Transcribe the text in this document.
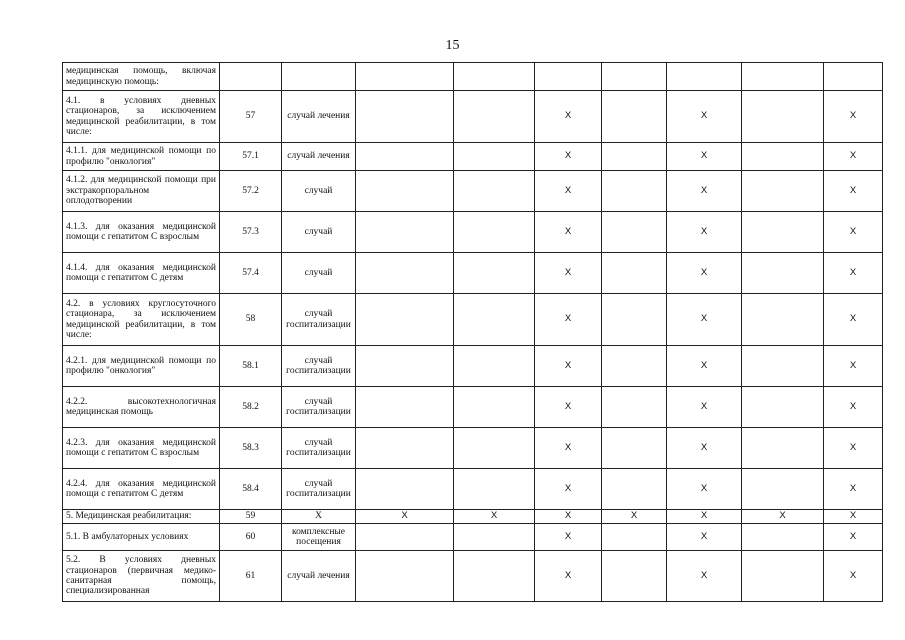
15
медицинская помощь, включая медицинскую помощь:										
4.1. в условиях дневных стационаров, за исключением медицинской реабилитации, в том числе:	57	случай лечения			X		X		X	
4.1.1. для медицинской помощи по профилю "онкология"	57.1	случай лечения			X		X		X	
4.1.2. для медицинской помощи при экстракорпоральном оплодотворении	57.2	случай			X		X		X	
4.1.3. для оказания медицинской помощи с гепатитом С взрослым	57.3	случай			X		X		X	
4.1.4. для оказания медицинской помощи с гепатитом С детям	57.4	случай			X		X		X	
4.2. в условиях круглосуточного стационара, за исключением медицинской реабилитации, в том числе:	58	случай госпитализации			X		X		X	
4.2.1. для медицинской помощи по профилю "онкология"	58.1	случай госпитализации			X		X		X	
4.2.2. высокотехнологичная медицинская помощь	58.2	случай госпитализации			X		X		X	
4.2.3. для оказания медицинской помощи с гепатитом С взрослым	58.3	случай госпитализации			X		X		X	
4.2.4. для оказания медицинской помощи с гепатитом С детям	58.4	случай госпитализации			X		X		X	
5. Медицинская реабилитация:	59	X	X	X	X	X	X	X	X	
5.1. В амбулаторных условиях	60	комплексные посещения			X		X		X	
5.2. В условиях дневных стационаров (первичная медико-санитарная помощь, специализированная	61	случай лечения			X		X		X	
